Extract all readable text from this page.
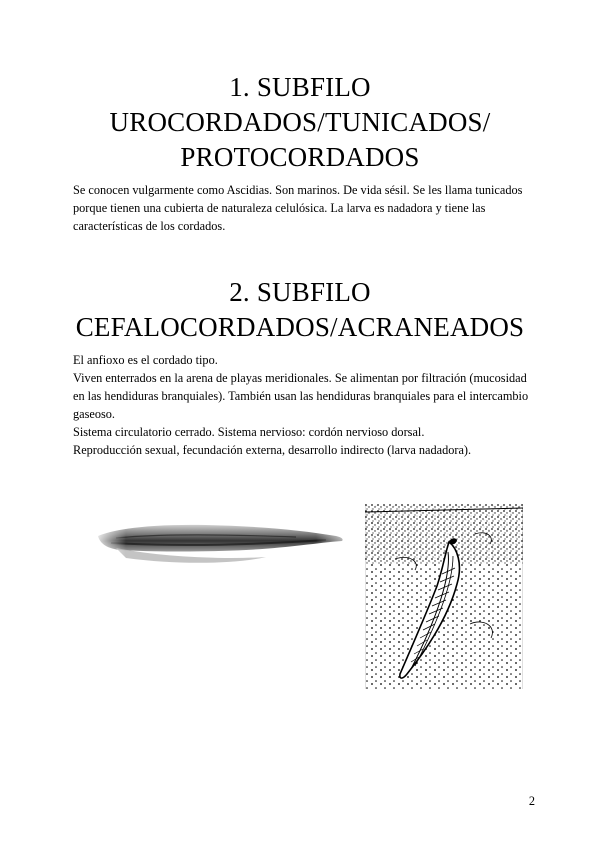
1. SUBFILO
UROCORDADOS/TUNICADOS/
PROTOCORDADOS

Se conocen vulgarmente como Ascidias. Son marinos. De vida sésil. Se les llama tunicados porque tienen una cubierta de naturaleza celulósica. La larva es nadadora y tiene las características de los cordados.

2. SUBFILO
CEFALOCORDADOS/ACRANEADOS
El anfioxo es el cordado tipo.
Viven enterrados en la arena de playas meridionales. Se alimentan por filtración (mucosidad en las hendiduras branquiales). También usan las hendiduras branquiales para el intercambio gaseoso.
Sistema circulatorio cerrado. Sistema nervioso: cordón nervioso dorsal.
Reproducción sexual, fecundación externa, desarrollo indirecto (larva nadadora).
2
